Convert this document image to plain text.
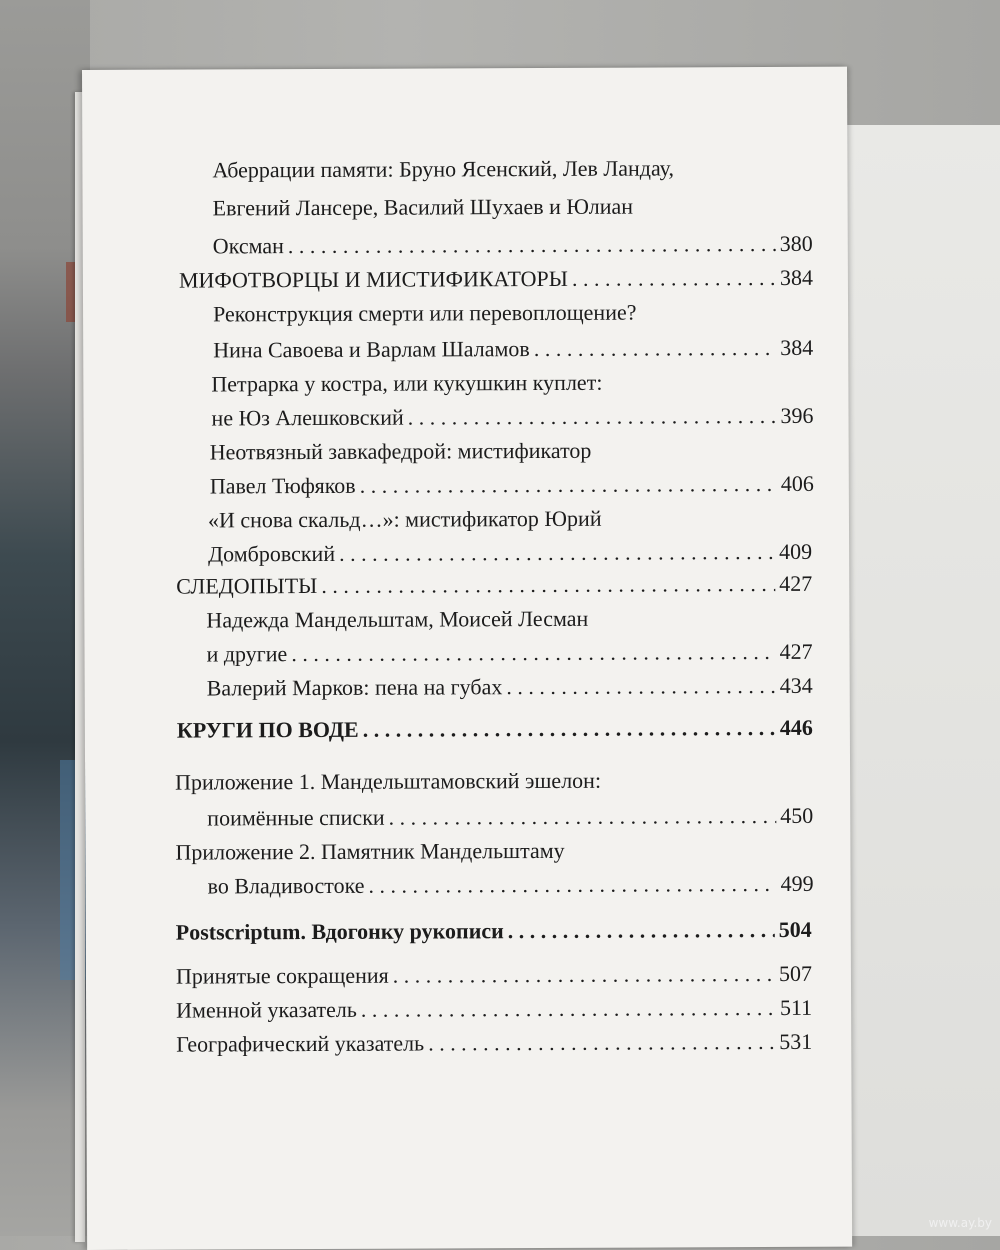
Аберрации памяти: Бруно Ясенский, Лев Ландау,
Евгений Лансере, Василий Шухаев и Юлиан
Оксман . . .	380
МИФОТВОРЦЫ И МИСТИФИКАТОРЫ . . .	384
Реконструкция смерти или перевоплощение?
Нина Савоева и Варлам Шаламов . . .	384
Петрарка у костра, или кукушкин куплет:
не Юз Алешковский . . .	396
Неотвязный завкафедрой: мистификатор
Павел Тюфяков . . .	406
«И снова скальд…»: мистификатор Юрий
Домбровский . . .	409
СЛЕДОПЫТЫ . . .	427
Надежда Мандельштам, Моисей Лесман
и другие . . .	427
Валерий Марков: пена на губах . . .	434
КРУГИ ПО ВОДЕ . . .	446
Приложение 1. Мандельштамовский эшелон:
поимённые списки . . .	450
Приложение 2. Памятник Мандельштаму
во Владивостоке . . .	499
Postscriptum. Вдогонку рукописи . . .	504
Принятые сокращения . . .	507
Именной указатель . . .	511
Географический указатель . . .	531
www.ay.by
